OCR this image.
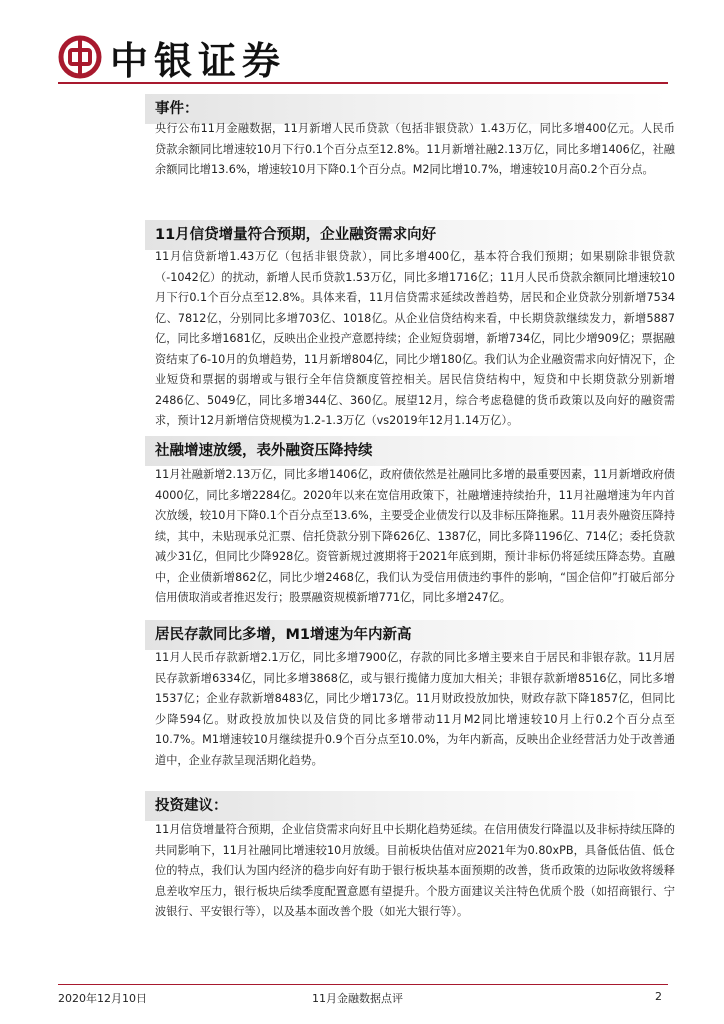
中银证券
事件：
央行公布11月金融数据，11月新增人民币贷款（包括非银贷款）1.43万亿，同比多增400亿元。人民币贷款余额同比增速较10月下行0.1个百分点至12.8%。11月新增社融2.13万亿，同比多增1406亿，社融余额同比增13.6%，增速较10月下降0.1个百分点。M2同比增10.7%，增速较10月高0.2个百分点。
11月信贷增量符合预期，企业融资需求向好
11月信贷新增1.43万亿（包括非银贷款），同比多增400亿，基本符合我们预期；如果剔除非银贷款（-1042亿）的扰动，新增人民币贷款1.53万亿，同比多增1716亿；11月人民币贷款余额同比增速较10月下行0.1个百分点至12.8%。具体来看，11月信贷需求延续改善趋势，居民和企业贷款分别新增7534亿、7812亿，分别同比多增703亿、1018亿。从企业信贷结构来看，中长期贷款继续发力，新增5887亿，同比多增1681亿，反映出企业投产意愿持续；企业短贷弱增，新增734亿，同比少增909亿；票据融资结束了6-10月的负增趋势，11月新增804亿，同比少增180亿。我们认为企业融资需求向好情况下，企业短贷和票据的弱增或与银行全年信贷额度管控相关。居民信贷结构中，短贷和中长期贷款分别新增2486亿、5049亿，同比多增344亿、360亿。展望12月，综合考虑稳健的货币政策以及向好的融资需求，预计12月新增信贷规模为1.2-1.3万亿（vs2019年12月1.14万亿）。
社融增速放缓，表外融资压降持续
11月社融新增2.13万亿，同比多增1406亿，政府债依然是社融同比多增的最重要因素，11月新增政府债4000亿，同比多增2284亿。2020年以来在宽信用政策下，社融增速持续抬升，11月社融增速为年内首次放缓，较10月下降0.1个百分点至13.6%，主要受企业债发行以及非标压降拖累。11月表外融资压降持续，其中，未贴现承兑汇票、信托贷款分别下降626亿、1387亿，同比多降1196亿、714亿；委托贷款减少31亿，但同比少降928亿。资管新规过渡期将于2021年底到期，预计非标仍将延续压降态势。直融中，企业债新增862亿，同比少增2468亿，我们认为受信用债违约事件的影响，“国企信仰”打破后部分信用债取消或者推迟发行；股票融资规模新增771亿，同比多增247亿。
居民存款同比多增，M1增速为年内新高
11月人民币存款新增2.1万亿，同比多增7900亿，存款的同比多增主要来自于居民和非银存款。11月居民存款新增6334亿，同比多增3868亿，或与银行揽储力度加大相关；非银存款新增8516亿，同比多增1537亿；企业存款新增8483亿，同比少增173亿。11月财政投放加快，财政存款下降1857亿，但同比少降594亿。财政投放加快以及信贷的同比多增带动11月M2同比增速较10月上行0.2个百分点至10.7%。M1增速较10月继续提升0.9个百分点至10.0%，为年内新高，反映出企业经营活力处于改善通道中，企业存款呈现活期化趋势。
投资建议：
11月信贷增量符合预期，企业信贷需求向好且中长期化趋势延续。在信用债发行降温以及非标持续压降的共同影响下，11月社融同比增速较10月放缓。目前板块估值对应2021年为0.80xPB，具备低估值、低仓位的特点，我们认为国内经济的稳步向好有助于银行板块基本面预期的改善，货币政策的边际收敛将缓释息差收窄压力，银行板块后续季度配置意愿有望提升。个股方面建议关注特色优质个股（如招商银行、宁波银行、平安银行等），以及基本面改善个股（如光大银行等）。
2020年12月10日	11月金融数据点评	2
